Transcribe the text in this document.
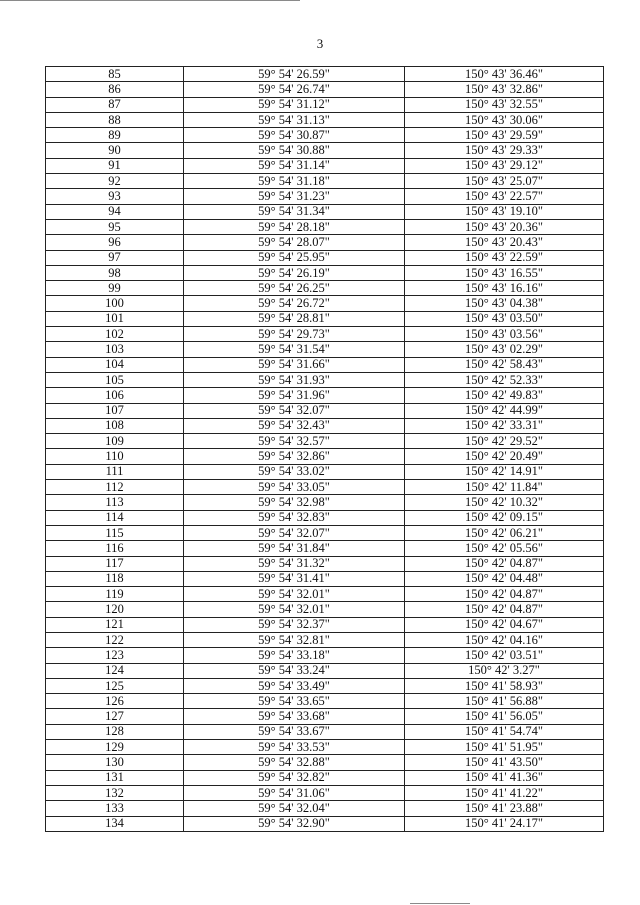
3
85	59° 54' 26.59"	150° 43' 36.46"
86	59° 54' 26.74"	150° 43' 32.86"
87	59° 54' 31.12"	150° 43' 32.55"
88	59° 54' 31.13"	150° 43' 30.06"
89	59° 54' 30.87"	150° 43' 29.59"
90	59° 54' 30.88"	150° 43' 29.33"
91	59° 54' 31.14"	150° 43' 29.12"
92	59° 54' 31.18"	150° 43' 25.07"
93	59° 54' 31.23"	150° 43' 22.57"
94	59° 54' 31.34"	150° 43' 19.10"
95	59° 54' 28.18"	150° 43' 20.36"
96	59° 54' 28.07"	150° 43' 20.43"
97	59° 54' 25.95"	150° 43' 22.59"
98	59° 54' 26.19"	150° 43' 16.55"
99	59° 54' 26.25"	150° 43' 16.16"
100	59° 54' 26.72"	150° 43' 04.38"
101	59° 54' 28.81"	150° 43' 03.50"
102	59° 54' 29.73"	150° 43' 03.56"
103	59° 54' 31.54"	150° 43' 02.29"
104	59° 54' 31.66"	150° 42' 58.43"
105	59° 54' 31.93"	150° 42' 52.33"
106	59° 54' 31.96"	150° 42' 49.83"
107	59° 54' 32.07"	150° 42' 44.99"
108	59° 54' 32.43"	150° 42' 33.31"
109	59° 54' 32.57"	150° 42' 29.52"
110	59° 54' 32.86"	150° 42' 20.49"
111	59° 54' 33.02"	150° 42' 14.91"
112	59° 54' 33.05"	150° 42' 11.84"
113	59° 54' 32.98"	150° 42' 10.32"
114	59° 54' 32.83"	150° 42' 09.15"
115	59° 54' 32.07"	150° 42' 06.21"
116	59° 54' 31.84"	150° 42' 05.56"
117	59° 54' 31.32"	150° 42' 04.87"
118	59° 54' 31.41"	150° 42' 04.48"
119	59° 54' 32.01"	150° 42' 04.87"
120	59° 54' 32.01"	150° 42' 04.87"
121	59° 54' 32.37"	150° 42' 04.67"
122	59° 54' 32.81"	150° 42' 04.16"
123	59° 54' 33.18"	150° 42' 03.51"
124	59° 54' 33.24"	150° 42' 3.27"
125	59° 54' 33.49"	150° 41' 58.93"
126	59° 54' 33.65"	150° 41' 56.88"
127	59° 54' 33.68"	150° 41' 56.05"
128	59° 54' 33.67"	150° 41' 54.74"
129	59° 54' 33.53"	150° 41' 51.95"
130	59° 54' 32.88"	150° 41' 43.50"
131	59° 54' 32.82"	150° 41' 41.36"
132	59° 54' 31.06"	150° 41' 41.22"
133	59° 54' 32.04"	150° 41' 23.88"
134	59° 54' 32.90"	150° 41' 24.17"
